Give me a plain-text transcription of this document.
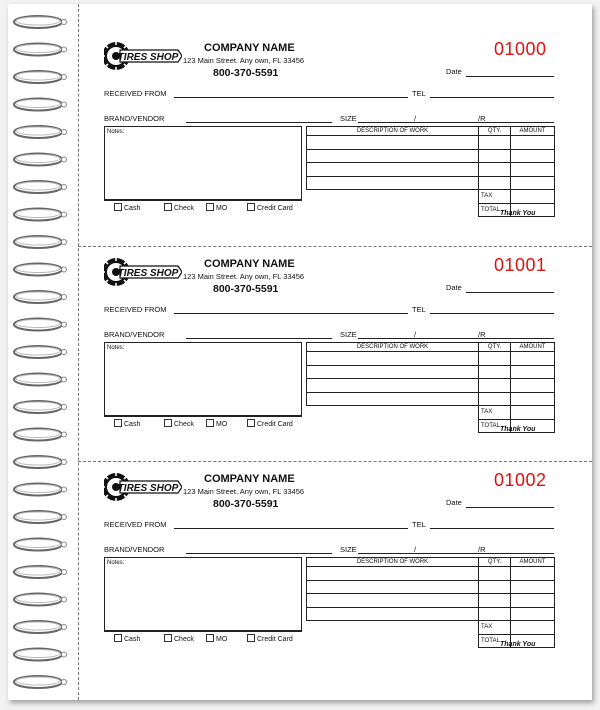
TIRES SHOP
COMPANY NAME
123 Main Street. Any own, FL 33456
800-370-5591
01000
Date
RECEIVED FROM	TEL
BRAND/VENDOR	SIZE	/	/R
Notes:
Cash	Check	MO	Credit Card
DESCRIPTION OF WORK	QTY.	AMOUNT

	TAX	
	TOTAL	
Thank You
TIRES SHOP
COMPANY NAME
123 Main Street. Any own, FL 33456
800-370-5591
01001
Date
RECEIVED FROM	TEL
BRAND/VENDOR	SIZE	/	/R
Notes:
Cash	Check	MO	Credit Card
DESCRIPTION OF WORK	QTY.	AMOUNT

	TAX	
	TOTAL	
Thank You
TIRES SHOP
COMPANY NAME
123 Main Street. Any own, FL 33456
800-370-5591
01002
Date
RECEIVED FROM	TEL
BRAND/VENDOR	SIZE	/	/R
Notes:
Cash	Check	MO	Credit Card
DESCRIPTION OF WORK	QTY.	AMOUNT

	TAX	
	TOTAL	
Thank You
